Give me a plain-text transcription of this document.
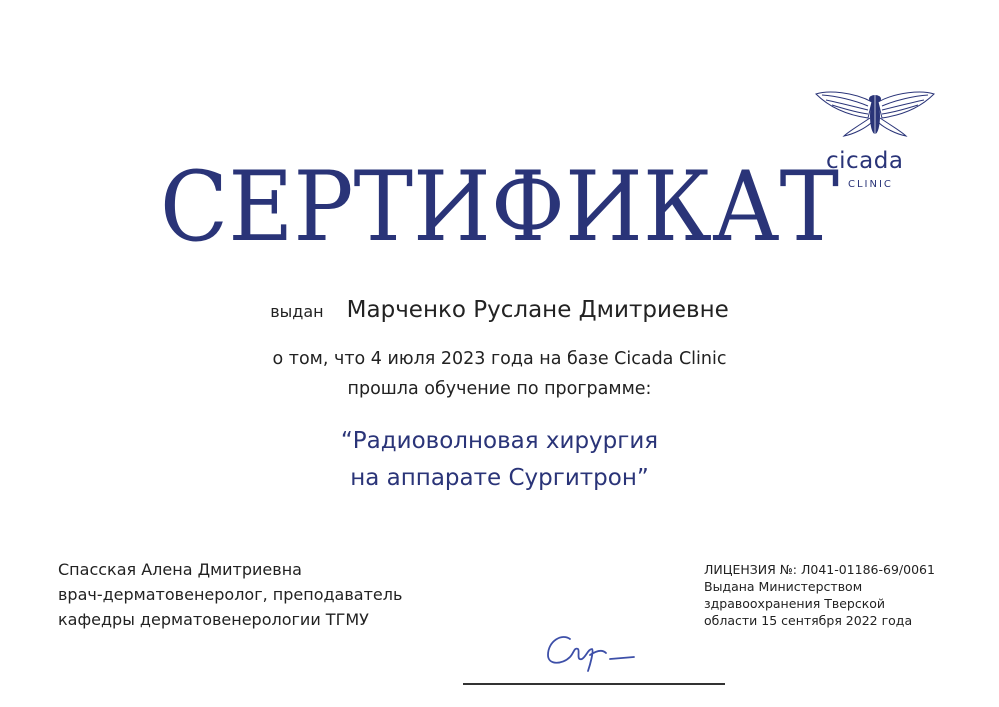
cicada
CLINIC
СЕРТИФИКАТ
выдан Марченко Руслане Дмитриевне
о том, что 4 июля 2023 года на базе Cicada Clinic
прошла обучение по программе:
“Радиоволновая хирургия
на аппарате Сургитрон”
Спасская Алена Дмитриевна
врач-дерматовенеролог, преподаватель
кафедры дерматовенерологии ТГМУ
ЛИЦЕНЗИЯ №: Л041-01186-69/0061
Выдана Министерством
здравоохранения Тверской
области 15 сентября 2022 года
